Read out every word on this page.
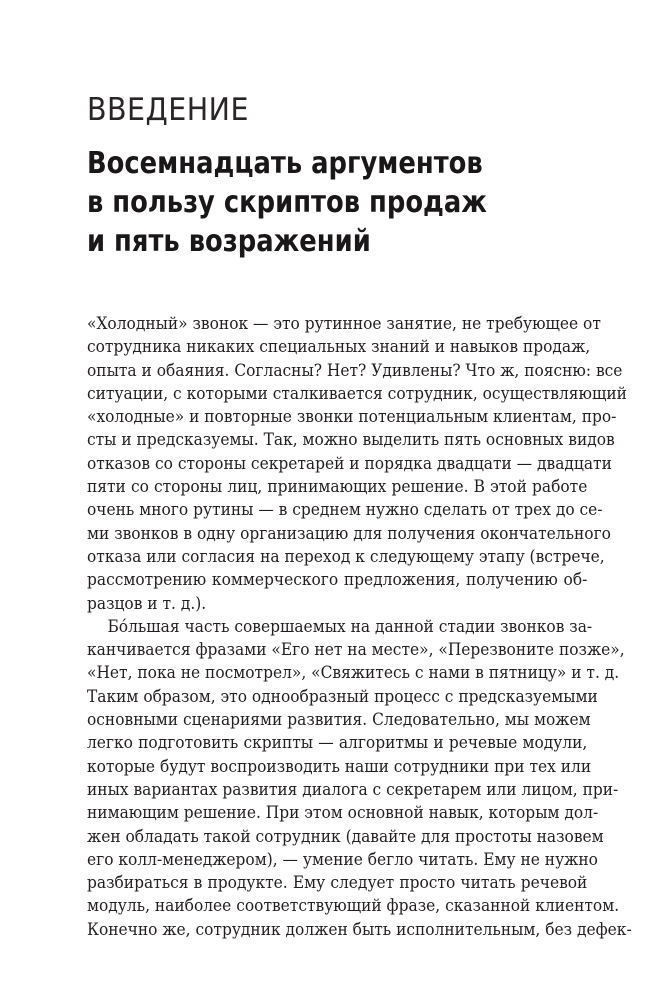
ВВЕДЕНИЕ
Восемнадцать аргументов
в пользу скриптов продаж
и пять возражений
«Холодный» звонок — это рутинное занятие, не требующее от
сотрудника никаких специальных знаний и навыков продаж,
опыта и обаяния. Согласны? Нет? Удивлены? Что ж, поясню: все
ситуации, с которыми сталкивается сотрудник, осуществляющий
«холодные» и повторные звонки потенциальным клиентам, про-
сты и предсказуемы. Так, можно выделить пять основных видов
отказов со стороны секретарей и порядка двадцати — двадцати
пяти со стороны лиц, принимающих решение. В этой работе
очень много рутины — в среднем нужно сделать от трех до се-
ми звонков в одну организацию для получения окончательного
отказа или согласия на переход к следующему этапу (встрече,
рассмотрению коммерческого предложения, получению об-
разцов и т. д.).
Бо́льшая часть совершаемых на данной стадии звонков за-
канчивается фразами «Его нет на месте», «Перезвоните позже»,
«Нет, пока не посмотрел», «Свяжитесь с нами в пятницу» и т. д.
Таким образом, это однообразный процесс с предсказуемыми
основными сценариями развития. Следовательно, мы можем
легко подготовить скрипты — алгоритмы и речевые модули,
которые будут воспроизводить наши сотрудники при тех или
иных вариантах развития диалога с секретарем или лицом, при-
нимающим решение. При этом основной навык, которым дол-
жен обладать такой сотрудник (давайте для простоты назовем
его колл-менеджером), — умение бегло читать. Ему не нужно
разбираться в продукте. Ему следует просто читать речевой
модуль, наиболее соответствующий фразе, сказанной клиентом.
Конечно же, сотрудник должен быть исполнительным, без дефек-
